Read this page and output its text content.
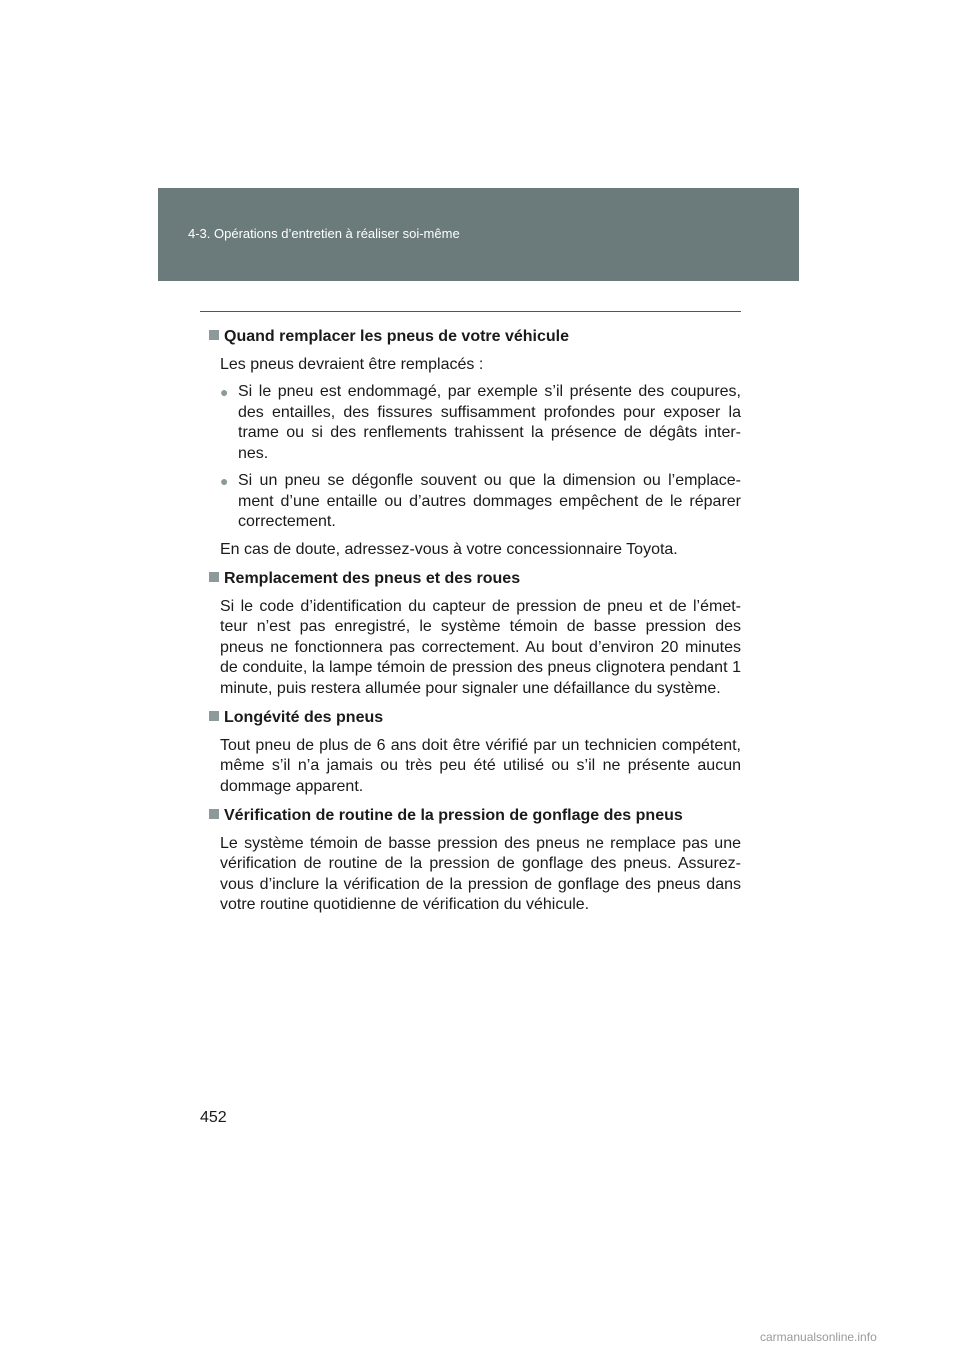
4-3. Opérations d’entretien à réaliser soi-même
Quand remplacer les pneus de votre véhicule
Les pneus devraient être remplacés :
● Si le pneu est endommagé, par exemple s’il présente des coupures, des entailles, des fissures suffisamment profondes pour exposer la trame ou si des renflements trahissent la présence de dégâts inter- nes.
● Si un pneu se dégonfle souvent ou que la dimension ou l’emplace- ment d’une entaille ou d’autres dommages empêchent de le réparer correctement.
En cas de doute, adressez-vous à votre concessionnaire Toyota.
Remplacement des pneus et des roues
Si le code d’identification du capteur de pression de pneu et de l’émet- teur n’est pas enregistré, le système témoin de basse pression des pneus ne fonctionnera pas correctement. Au bout d’environ 20 minutes de conduite, la lampe témoin de pression des pneus clignotera pendant 1 minute, puis restera allumée pour signaler une défaillance du système.
Longévité des pneus
Tout pneu de plus de 6 ans doit être vérifié par un technicien compétent, même s’il n’a jamais ou très peu été utilisé ou s’il ne présente aucun dommage apparent.
Vérification de routine de la pression de gonflage des pneus
Le système témoin de basse pression des pneus ne remplace pas une vérification de routine de la pression de gonflage des pneus. Assurez- vous d’inclure la vérification de la pression de gonflage des pneus dans votre routine quotidienne de vérification du véhicule.
452
carmanualsonline.info
